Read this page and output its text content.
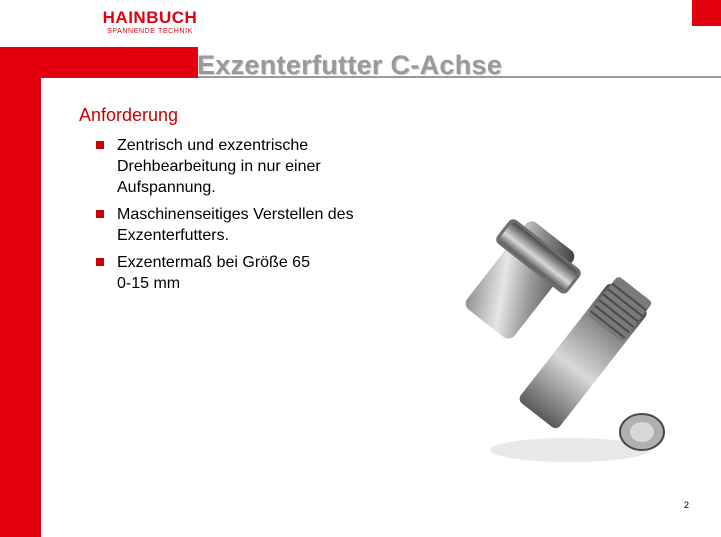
HAINBUCH
SPANNENDE TECHNIK
Exzenterfutter C-Achse
Anforderung
Zentrisch und exzentrische
Drehbearbeitung in nur einer
Aufspannung.
Maschinenseitiges Verstellen des
Exzenterfutters.
Exzentermaß bei Größe 65
0-15 mm
2
